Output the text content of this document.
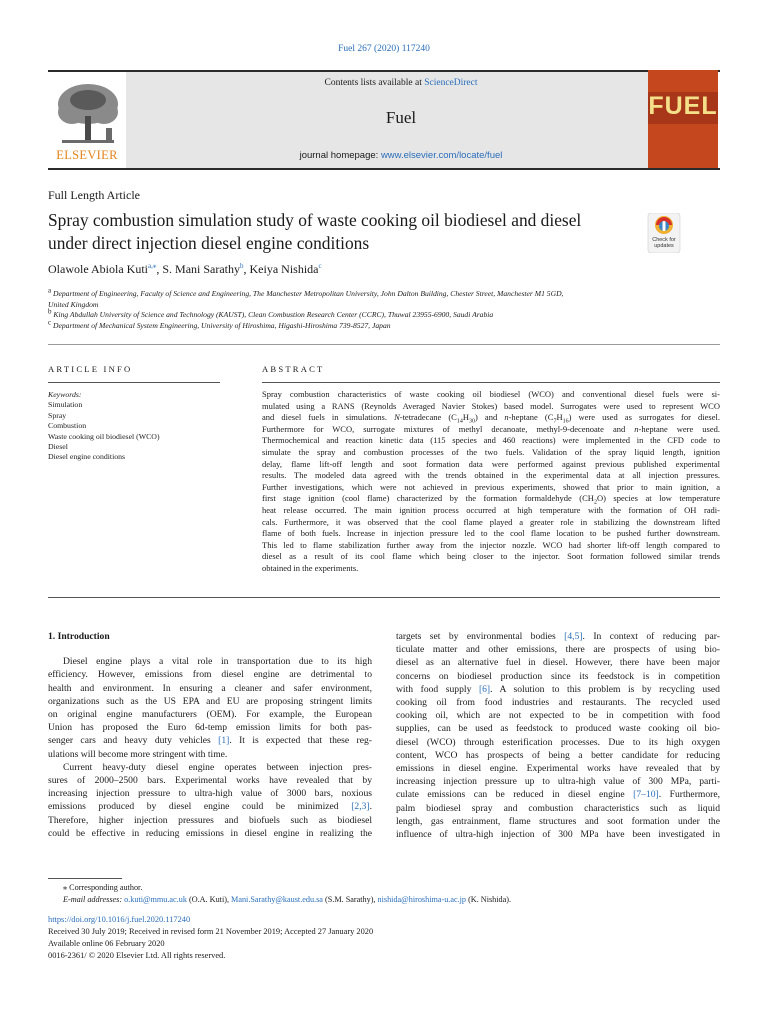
Fuel 267 (2020) 117240
ELSEVIER
Contents lists available at ScienceDirect
Fuel
journal homepage: www.elsevier.com/locate/fuel
FUEL
Full Length Article
Spray combustion simulation study of waste cooking oil biodiesel and diesel
under direct injection diesel engine conditions	Check for
updates
Olawole Abiola Kuti$^{a,⁎}$, S. Mani Sarathy$^b$, Keiya Nishida$^c$
$^a$ Department of Engineering, Faculty of Science and Engineering, The Manchester Metropolitan University, John Dalton Building, Chester Street, Manchester M1 5GD,
United Kingdom
$^b$ King Abdullah University of Science and Technology (KAUST), Clean Combustion Research Center (CCRC), Thuwal 23955-6900, Saudi Arabia
$^c$ Department of Mechanical System Engineering, University of Hiroshima, Higashi-Hiroshima 739-8527, Japan
ARTICLE INFO	ABSTRACT
Keywords:
Simulation
Spray
Combustion
Waste cooking oil biodiesel (WCO)
Diesel
Diesel engine conditions

Spray combustion characteristics of waste cooking oil biodiesel (WCO) and conventional diesel fuels were si-

mulated using a RANS (Reynolds Averaged Navier Stokes) based model. Surrogates were used to represent WCO

and diesel fuels in simulations. N-tetradecane $(C_{14}H_{30})$ and n-heptane $(C_7H_{16})$ were used as surrogates for diesel.

Furthermore for WCO, surrogate mixtures of methyl decanoate, methyl-9-decenoate and n-heptane were used.

Thermochemical and reaction kinetic data (115 species and 460 reactions) were implemented in the CFD code to

simulate the spray and combustion processes of the two fuels. Validation of the spray liquid length, ignition

delay, flame lift-off length and soot formation data were performed against previous published experimental

results. The modeled data agreed with the trends obtained in the experimental data at all injection pressures.

Further investigations, which were not achieved in previous experiments, showed that prior to main ignition, a

first stage ignition (cool flame) characterized by the formation formaldehyde $(CH_2O)$ species at low temperature

heat release occurred. The main ignition process occurred at high temperature with the formation of OH radi-

cals. Furthermore, it was observed that the cool flame played a greater role in stabilizing the downstream lifted

flame of both fuels. Increase in injection pressure led to the cool flame location to be pushed further downstream.

This led to flame stabilization further away from the injector nozzle. WCO had shorter lift-off length compared to

diesel as a result of its cool flame which being closer to the injector. Soot formation followed similar trends

obtained in the experiments.

1. Introduction

Diesel engine plays a vital role in transportation due to its high

efficiency. However, emissions from diesel engine are detrimental to

health and environment. In ensuring a cleaner and safer environment,

organizations such as the US EPA and EU are proposing stringent limits

on original engine manufacturers (OEM). For example, the European

Union has proposed the Euro 6d-temp emission limits for both pas-

senger cars and heavy duty vehicles [1]. It is expected that these reg-

ulations will become more stringent with time.

Current heavy-duty diesel engine operates between injection pres-

sures of 2000–2500 bars. Experimental works have revealed that by

increasing injection pressure to ultra-high value of 3000 bars, noxious

emissions produced by diesel engine could be minimized [2,3].

Therefore, higher injection pressures and biofuels such as biodiesel

could be effective in reducing emissions in diesel engine in realizing the

targets set by environmental bodies [4,5]. In context of reducing par-

ticulate matter and other emissions, there are prospects of using bio-

diesel as an alternative fuel in diesel. However, there have been major

concerns on biodiesel production since its feedstock is in competition

with food supply [6]. A solution to this problem is by recycling used

cooking oil from food industries and restaurants. The recycled used

cooking oil, which are not expected to be in competition with food

supplies, can be used as feedstock to produced waste cooking oil bio-

diesel (WCO) through esterification processes. Due to its high oxygen

content, WCO has prospects of being a better candidate for reducing

emissions in diesel engine. Experimental works have revealed that by

increasing injection pressure up to ultra-high value of 300 MPa, parti-

culate emissions can be reduced in diesel engine [7–10]. Furthermore,

palm biodiesel spray and combustion characteristics such as liquid

length, gas entrainment, flame structures and soot formation under the

influence of ultra-high injection of 300 MPa have been investigated in

⁎ Corresponding author.
E-mail addresses: o.kuti@mmu.ac.uk (O.A. Kuti), Mani.Sarathy@kaust.edu.sa (S.M. Sarathy), nishida@hiroshima-u.ac.jp (K. Nishida).
https://doi.org/10.1016/j.fuel.2020.117240
Received 30 July 2019; Received in revised form 21 November 2019; Accepted 27 January 2020
Available online 06 February 2020
0016-2361/ © 2020 Elsevier Ltd. All rights reserved.
